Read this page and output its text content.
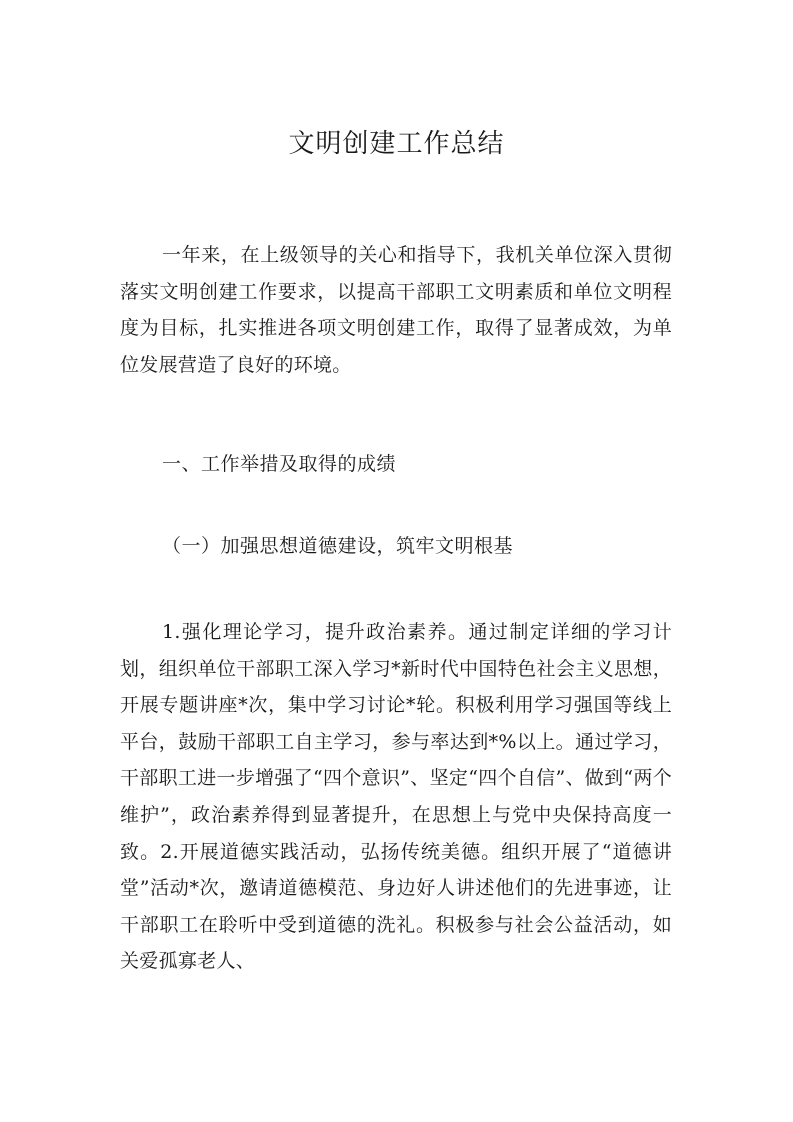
文明创建工作总结

一年来，在上级领导的关心和指导下，我机关单位深入贯彻落实文明创建工作要求，以提高干部职工文明素质和单位文明程度为目标，扎实推进各项文明创建工作，取得了显著成效，为单位发展营造了良好的环境。

一、工作举措及取得的成绩

（一）加强思想道德建设，筑牢文明根基

1.强化理论学习，提升政治素养。通过制定详细的学习计划，组织单位干部职工深入学习*新时代中国特色社会主义思想，开展专题讲座*次，集中学习讨论*轮。积极利用学习强国等线上平台，鼓励干部职工自主学习，参与率达到*%以上。通过学习，干部职工进一步增强了“四个意识”、坚定“四个自信”、做到“两个维护”，政治素养得到显著提升，在思想上与党中央保持高度一致。2.开展道德实践活动，弘扬传统美德。组织开展了“道德讲堂”活动*次，邀请道德模范、身边好人讲述他们的先进事迹，让干部职工在聆听中受到道德的洗礼。积极参与社会公益活动，如关爱孤寡老人、
